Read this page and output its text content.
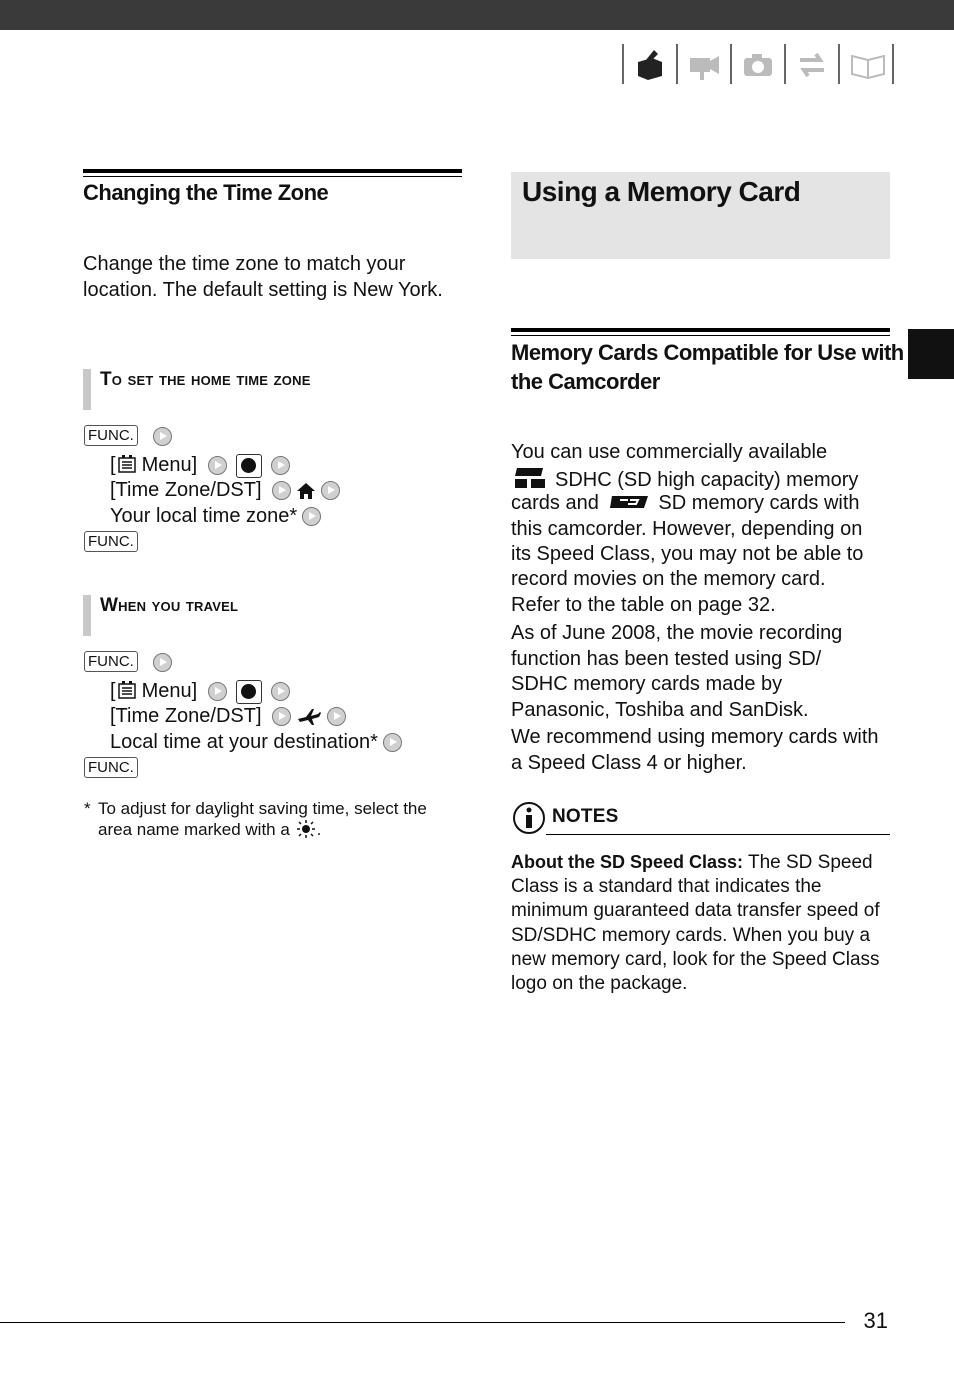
Changing the Time Zone
Change the time zone to match your location. The default setting is New York.
To set the home time zone
FUNC.
[ Menu]
[Time Zone/DST]
Your local time zone*
FUNC.
When you travel
FUNC.
[ Menu]
[Time Zone/DST]
Local time at your destination*
FUNC.
* To adjust for daylight saving time, select the
area name marked with a .
Using a Memory Card
Memory Cards Compatible for Use with
the Camcorder
You can use commercially available
SDHC (SD high capacity) memory
cards and	SD memory cards with
this camcorder. However, depending on
its Speed Class, you may not be able to
record movies on the memory card.
Refer to the table on page 32.
As of June 2008, the movie recording function has been tested using SD/ SDHC memory cards made by Panasonic, Toshiba and SanDisk.
We recommend using memory cards with a Speed Class 4 or higher.
NOTES
About the SD Speed Class: The SD Speed Class is a standard that indicates the minimum guaranteed data transfer speed of SD/SDHC memory cards. When you buy a new memory card, look for the Speed Class logo on the package.
31
